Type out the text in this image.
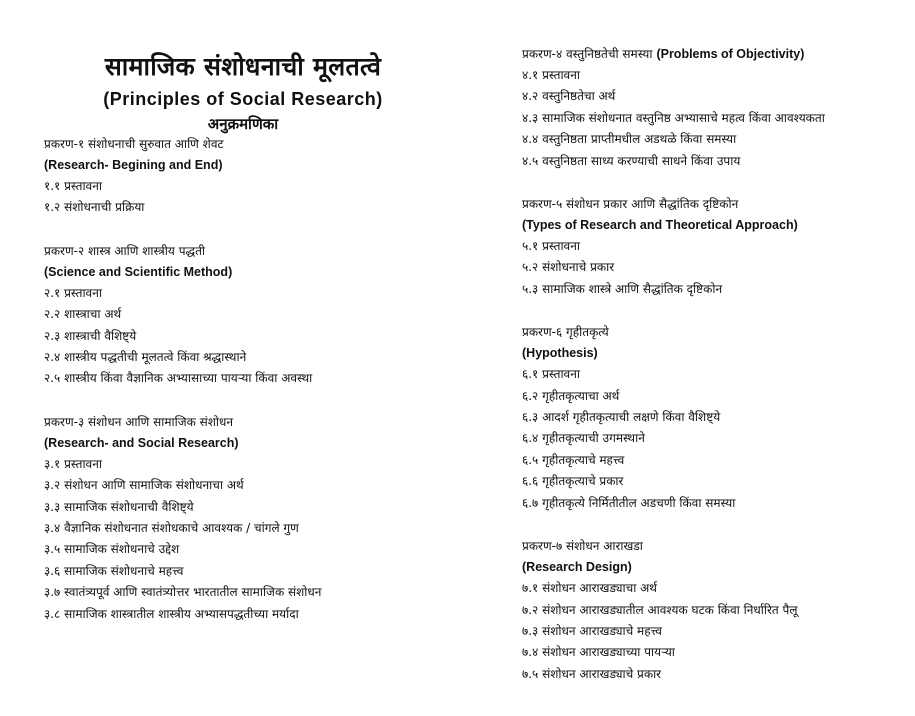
सामाजिक संशोधनाची मूलतत्वे
(Principles of Social Research)
अनुक्रमणिका
प्रकरण-१ संशोधनाची सुरुवात आणि शेवट
(Research- Begining and End)
१.१ प्रस्तावना
१.२ संशोधनाची प्रक्रिया
प्रकरण-२ शास्त्र आणि शास्त्रीय पद्धती
(Science and Scientific Method)
२.१ प्रस्तावना
२.२ शास्त्राचा अर्थ
२.३ शास्त्राची वैशिष्ट्ये
२.४ शास्त्रीय पद्धतीची मूलतत्वे किंवा श्रद्धास्थाने
२.५ शास्त्रीय किंवा वैज्ञानिक अभ्यासाच्या पायऱ्या किंवा अवस्था
प्रकरण-३ संशोधन आणि सामाजिक संशोधन
(Research- and Social Research)
३.१ प्रस्तावना
३.२ संशोधन आणि सामाजिक संशोधनाचा अर्थ
३.३ सामाजिक संशोधनाची वैशिष्ट्ये
३.४ वैज्ञानिक संशोधनात संशोधकाचे आवश्यक / चांगले गुण
३.५ सामाजिक संशोधनाचे उद्देश
३.६ सामाजिक संशोधनाचे महत्त्व
३.७ स्वातंत्र्यपूर्व आणि स्वातंत्र्योत्तर भारतातील सामाजिक संशोधन
३.८ सामाजिक शास्त्रातील शास्त्रीय अभ्यासपद्धतीच्या मर्यादा
प्रकरण-४ वस्तुनिष्ठतेची समस्या (Problems of Objectivity)
४.१ प्रस्तावना
४.२ वस्तुनिष्ठतेचा अर्थ
४.३ सामाजिक संशोधनात वस्तुनिष्ठ अभ्यासाचे महत्व किंवा आवश्यकता
४.४ वस्तुनिष्ठता प्राप्तीमधील अडथळे किंवा समस्या
४.५ वस्तुनिष्ठता साध्य करण्याची साधने किंवा उपाय
प्रकरण-५ संशोधन प्रकार आणि सैद्धांतिक दृष्टिकोन
(Types of Research and Theoretical Approach)
५.१ प्रस्तावना
५.२ संशोधनाचे प्रकार
५.३ सामाजिक शास्त्रे आणि सैद्धांतिक दृष्टिकोन
प्रकरण-६ गृहीतकृत्ये
(Hypothesis)
६.१ प्रस्तावना
६.२ गृहीतकृत्याचा अर्थ
६.३ आदर्श गृहीतकृत्याची लक्षणे किंवा वैशिष्ट्ये
६.४ गृहीतकृत्याची उगमस्थाने
६.५ गृहीतकृत्याचे महत्त्व
६.६ गृहीतकृत्याचे प्रकार
६.७ गृहीतकृत्ये निर्मितीतील अडचणी किंवा समस्या
प्रकरण-७ संशोधन आराखडा
(Research Design)
७.१ संशोधन आराखड्याचा अर्थ
७.२ संशोधन आराखड्यातील आवश्यक घटक किंवा निर्धारित पैलू
७.३ संशोधन आराखड्याचे महत्त्व
७.४ संशोधन आराखड्याच्या पायऱ्या
७.५ संशोधन आराखड्याचे प्रकार
